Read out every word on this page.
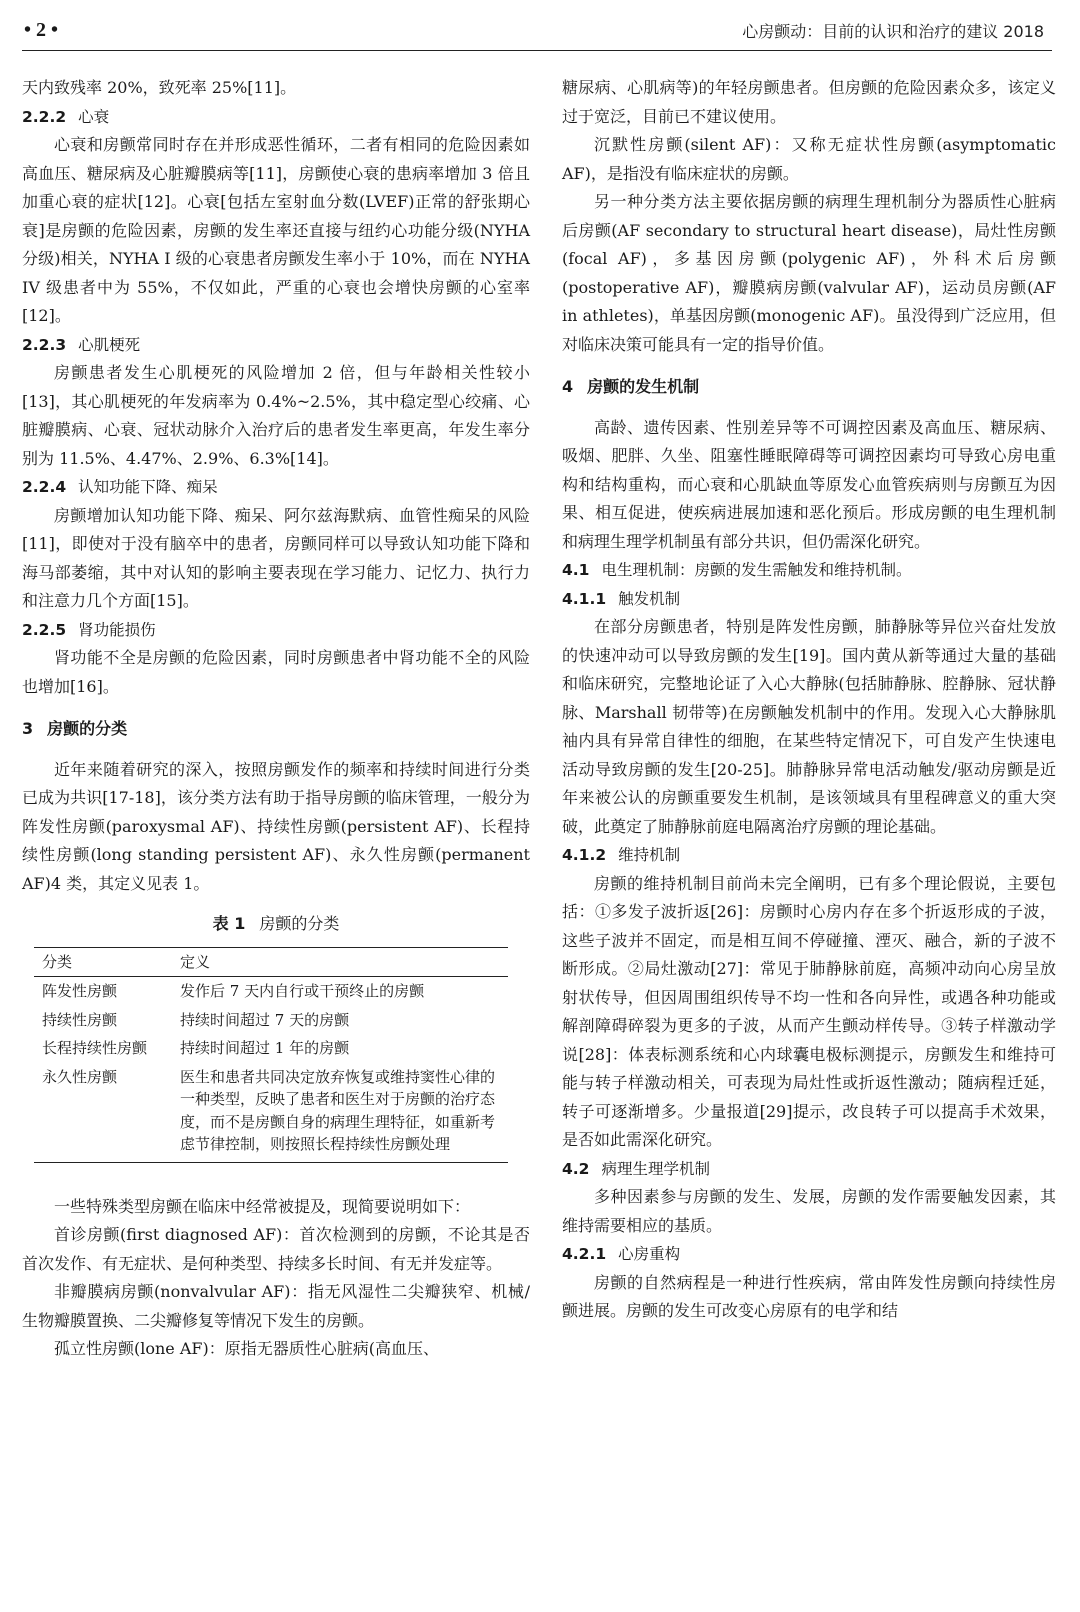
• 2 •	心房颤动：目前的认识和治疗的建议 2018

天内致残率 20%，致死率 25%[11]。

2.2.2 心衰

心衰和房颤常同时存在并形成恶性循环，二者有相同的危险因素如高血压、糖尿病及心脏瓣膜病等[11]，房颤使心衰的患病率增加 3 倍且加重心衰的症状[12]。心衰[包括左室射血分数(LVEF)正常的舒张期心衰]是房颤的危险因素，房颤的发生率还直接与纽约心功能分级(NYHA 分级)相关，NYHA I 级的心衰患者房颤发生率小于 10%，而在 NYHA IV 级患者中为 55%，不仅如此，严重的心衰也会增快房颤的心室率[12]。

2.2.3 心肌梗死

房颤患者发生心肌梗死的风险增加 2 倍，但与年龄相关性较小[13]，其心肌梗死的年发病率为 0.4%~2.5%，其中稳定型心绞痛、心脏瓣膜病、心衰、冠状动脉介入治疗后的患者发生率更高，年发生率分别为 11.5%、4.47%、2.9%、6.3%[14]。

2.2.4 认知功能下降、痴呆

房颤增加认知功能下降、痴呆、阿尔兹海默病、血管性痴呆的风险[11]，即使对于没有脑卒中的患者，房颤同样可以导致认知功能下降和海马部萎缩，其中对认知的影响主要表现在学习能力、记忆力、执行力和注意力几个方面[15]。

2.2.5 肾功能损伤

肾功能不全是房颤的危险因素，同时房颤患者中肾功能不全的风险也增加[16]。

3 房颤的分类

近年来随着研究的深入，按照房颤发作的频率和持续时间进行分类已成为共识[17-18]，该分类方法有助于指导房颤的临床管理，一般分为阵发性房颤(paroxysmal AF)、持续性房颤(persistent AF)、长程持续性房颤(long standing persistent AF)、永久性房颤(permanent AF)4 类，其定义见表 1。

表 1 房颤的分类
分类	定义
阵发性房颤	发作后 7 天内自行或干预终止的房颤
持续性房颤	持续时间超过 7 天的房颤
长程持续性房颤	持续时间超过 1 年的房颤
永久性房颤	医生和患者共同决定放弃恢复或维持窦性心律的一种类型，反映了患者和医生对于房颤的治疗态度，而不是房颤自身的病理生理特征，如重新考虑节律控制，则按照长程持续性房颤处理

一些特殊类型房颤在临床中经常被提及，现简要说明如下：

首诊房颤(first diagnosed AF)：首次检测到的房颤，不论其是否首次发作、有无症状、是何种类型、持续多长时间、有无并发症等。

非瓣膜病房颤(nonvalvular AF)：指无风湿性二尖瓣狭窄、机械/生物瓣膜置换、二尖瓣修复等情况下发生的房颤。

孤立性房颤(lone AF)：原指无器质性心脏病(高血压、

糖尿病、心肌病等)的年轻房颤患者。但房颤的危险因素众多，该定义过于宽泛，目前已不建议使用。

沉默性房颤(silent AF)：又称无症状性房颤(asymptomatic AF)，是指没有临床症状的房颤。

另一种分类方法主要依据房颤的病理生理机制分为器质性心脏病后房颤(AF secondary to structural heart disease)，局灶性房颤(focal AF)，多基因房颤(polygenic AF)，外科术后房颤(postoperative AF)，瓣膜病房颤(valvular AF)，运动员房颤(AF in athletes)，单基因房颤(monogenic AF)。虽没得到广泛应用，但对临床决策可能具有一定的指导价值。

4 房颤的发生机制

高龄、遗传因素、性别差异等不可调控因素及高血压、糖尿病、吸烟、肥胖、久坐、阻塞性睡眠障碍等可调控因素均可导致心房电重构和结构重构，而心衰和心肌缺血等原发心血管疾病则与房颤互为因果、相互促进，使疾病进展加速和恶化预后。形成房颤的电生理机制和病理生理学机制虽有部分共识，但仍需深化研究。

4.1 电生理机制：房颤的发生需触发和维持机制。
4.1.1 触发机制

在部分房颤患者，特别是阵发性房颤，肺静脉等异位兴奋灶发放的快速冲动可以导致房颤的发生[19]。国内黄从新等通过大量的基础和临床研究，完整地论证了入心大静脉(包括肺静脉、腔静脉、冠状静脉、Marshall 韧带等)在房颤触发机制中的作用。发现入心大静脉肌袖内具有异常自律性的细胞，在某些特定情况下，可自发产生快速电活动导致房颤的发生[20-25]。肺静脉异常电活动触发/驱动房颤是近年来被公认的房颤重要发生机制，是该领域具有里程碑意义的重大突破，此奠定了肺静脉前庭电隔离治疗房颤的理论基础。

4.1.2 维持机制

房颤的维持机制目前尚未完全阐明，已有多个理论假说，主要包括：①多发子波折返[26]：房颤时心房内存在多个折返形成的子波，这些子波并不固定，而是相互间不停碰撞、湮灭、融合，新的子波不断形成。②局灶激动[27]：常见于肺静脉前庭，高频冲动向心房呈放射状传导，但因周围组织传导不均一性和各向异性，或遇各种功能或解剖障碍碎裂为更多的子波，从而产生颤动样传导。③转子样激动学说[28]：体表标测系统和心内球囊电极标测提示，房颤发生和维持可能与转子样激动相关，可表现为局灶性或折返性激动；随病程迁延，转子可逐渐增多。少量报道[29]提示，改良转子可以提高手术效果，是否如此需深化研究。

4.2 病理生理学机制

多种因素参与房颤的发生、发展，房颤的发作需要触发因素，其维持需要相应的基质。

4.2.1 心房重构

房颤的自然病程是一种进行性疾病，常由阵发性房颤向持续性房颤进展。房颤的发生可改变心房原有的电学和结
